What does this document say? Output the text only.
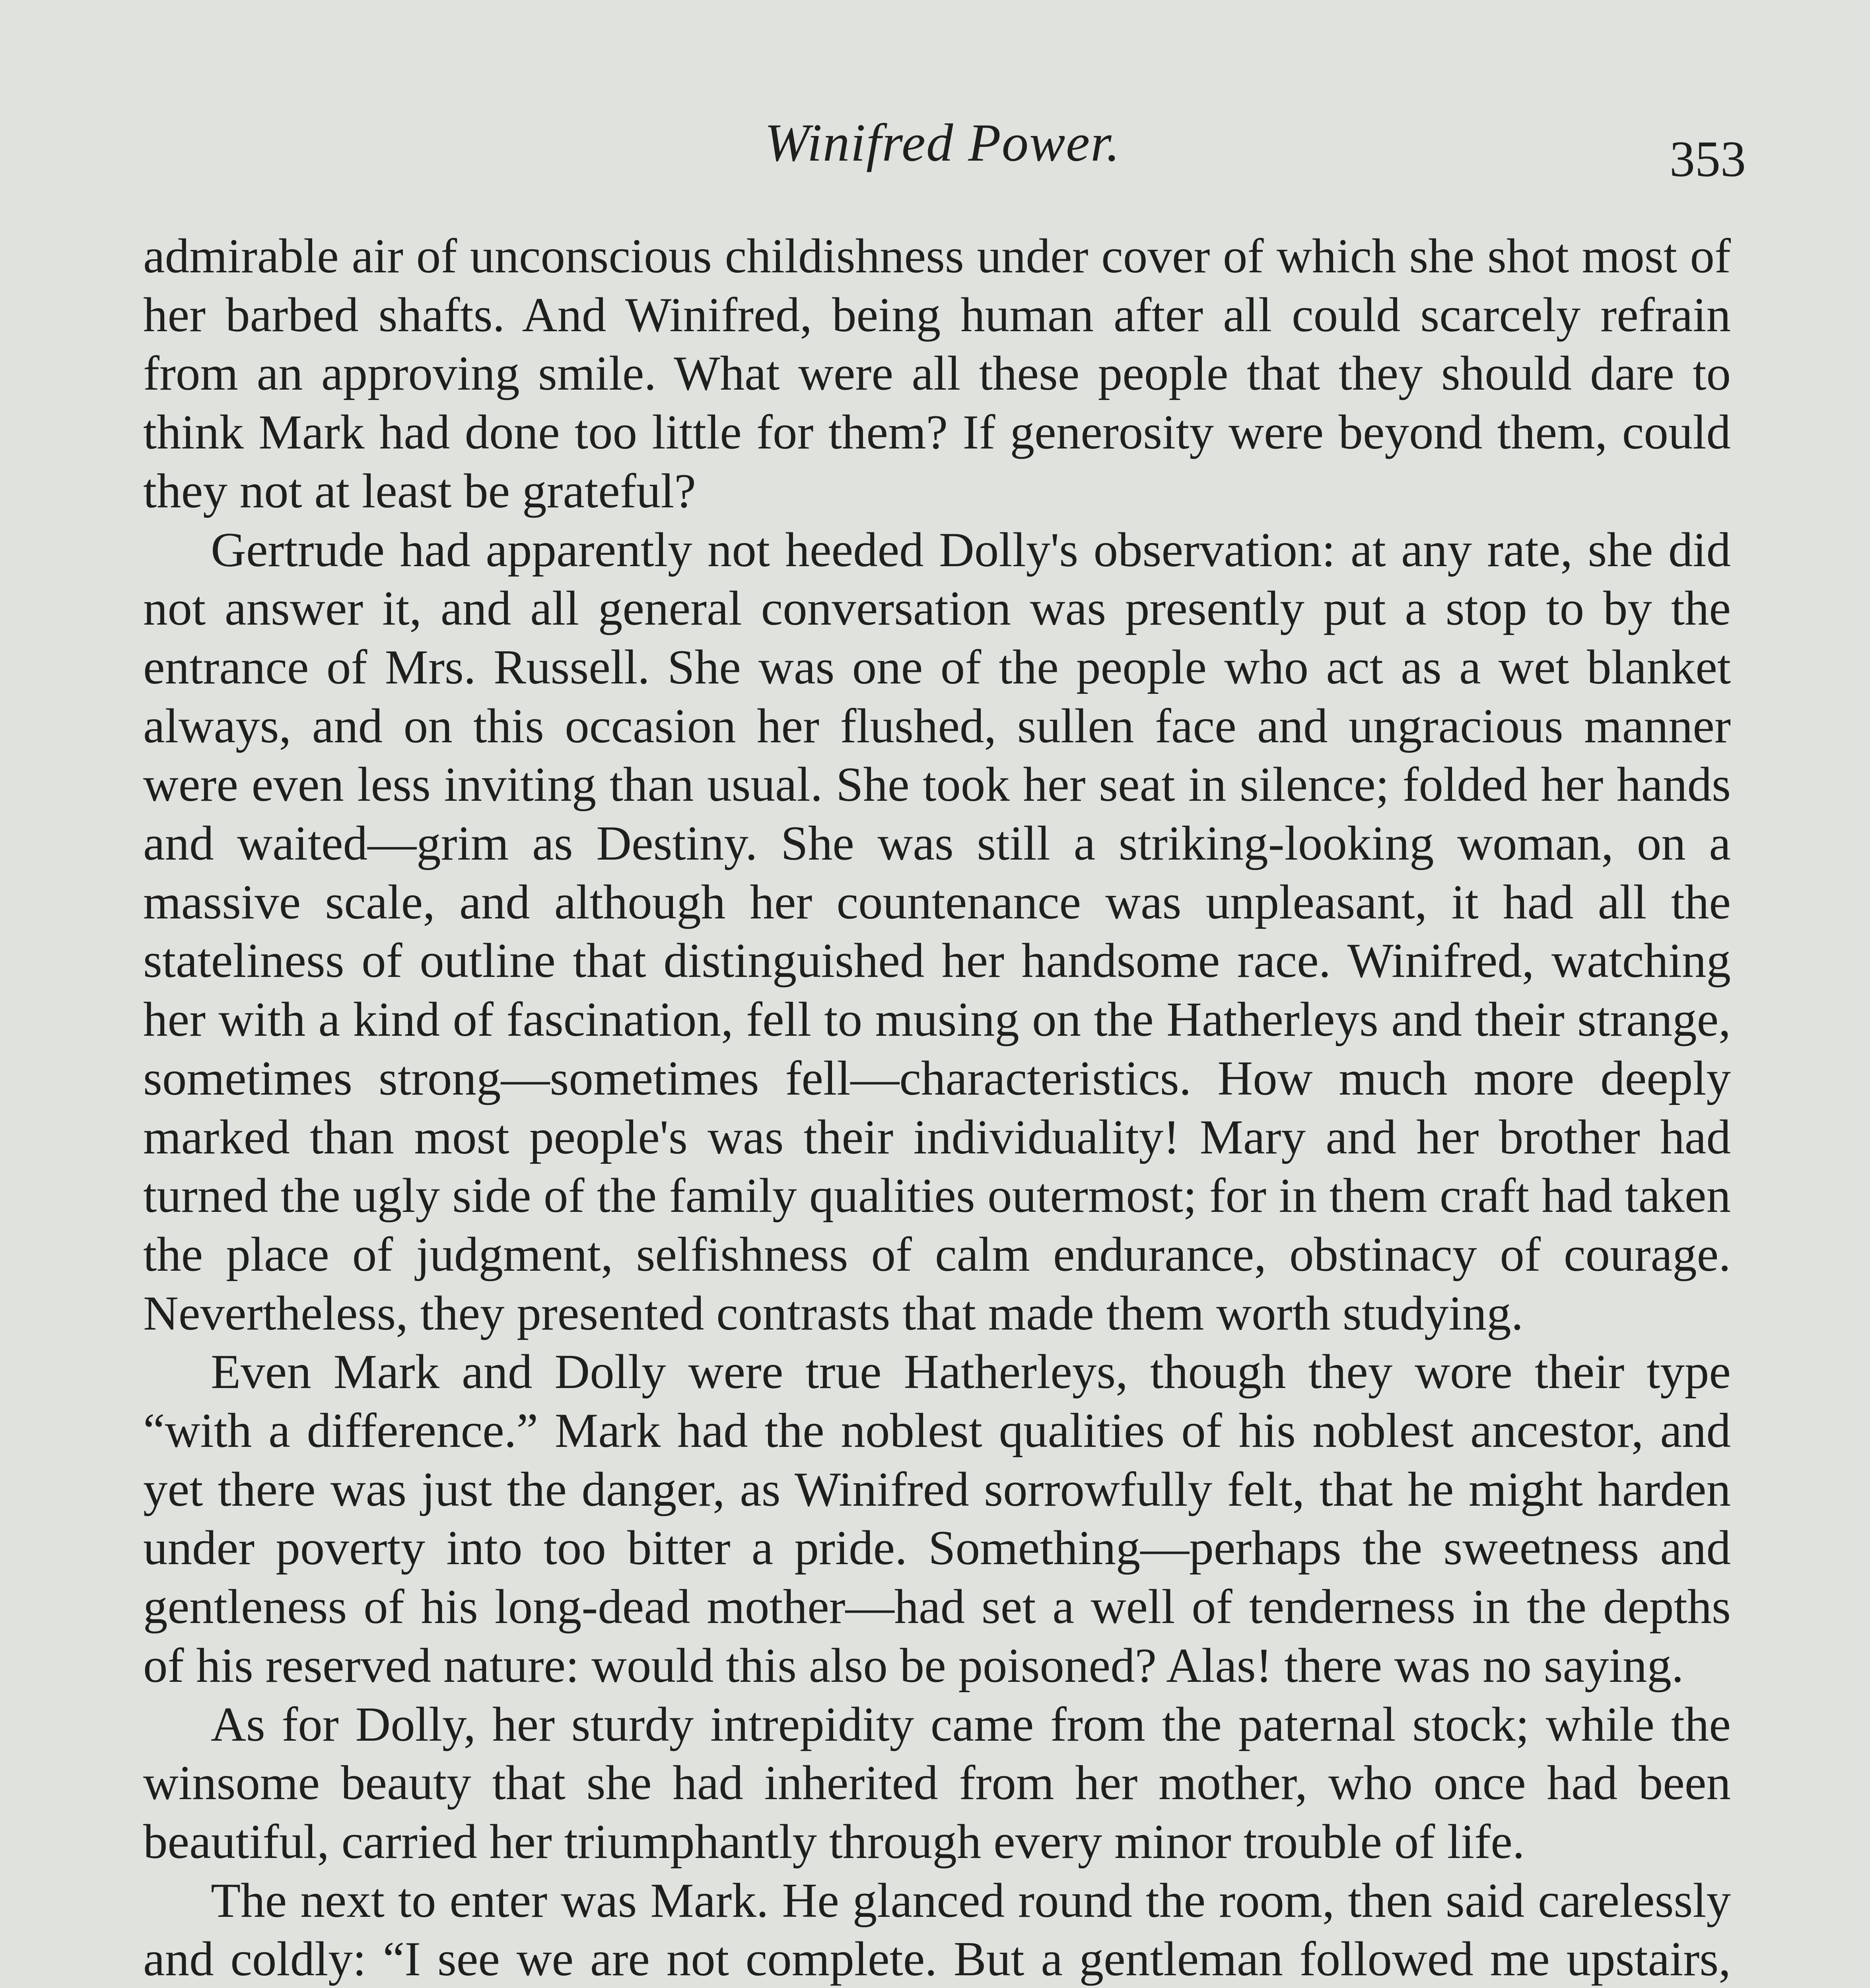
Winifred Power.	353

admirable air of unconscious childishness under cover of which she shot most of her barbed shafts. And Winifred, being human after all could scarcely refrain from an approving smile. What were all these people that they should dare to think Mark had done too little for them? If generosity were beyond them, could they not at least be grateful?

Gertrude had apparently not heeded Dolly's observation: at any rate, she did not answer it, and all general conversation was presently put a stop to by the entrance of Mrs. Russell. She was one of the people who act as a wet blanket always, and on this occasion her flushed, sullen face and ungracious manner were even less inviting than usual. She took her seat in silence; folded her hands and waited—grim as Destiny. She was still a striking-looking woman, on a massive scale, and although her countenance was unpleasant, it had all the stateliness of outline that distinguished her handsome race. Winifred, watching her with a kind of fascination, fell to musing on the Hatherleys and their strange, sometimes strong—sometimes fell—characteristics. How much more deeply marked than most people's was their individuality! Mary and her brother had turned the ugly side of the family qualities outermost; for in them craft had taken the place of judgment, selfishness of calm endurance, obstinacy of courage. Nevertheless, they presented contrasts that made them worth studying.

Even Mark and Dolly were true Hatherleys, though they wore their type “with a difference.” Mark had the noblest qualities of his noblest ancestor, and yet there was just the danger, as Winifred sorrowfully felt, that he might harden under poverty into too bitter a pride. Something—perhaps the sweetness and gentleness of his long-dead mother—had set a well of tenderness in the depths of his reserved nature: would this also be poisoned? Alas! there was no saying.

As for Dolly, her sturdy intrepidity came from the paternal stock; while the winsome beauty that she had inherited from her mother, who once had been beautiful, carried her triumphantly through every minor trouble of life.

The next to enter was Mark. He glanced round the room, then said carelessly and coldly: “I see we are not complete. But a gentleman followed me upstairs,
